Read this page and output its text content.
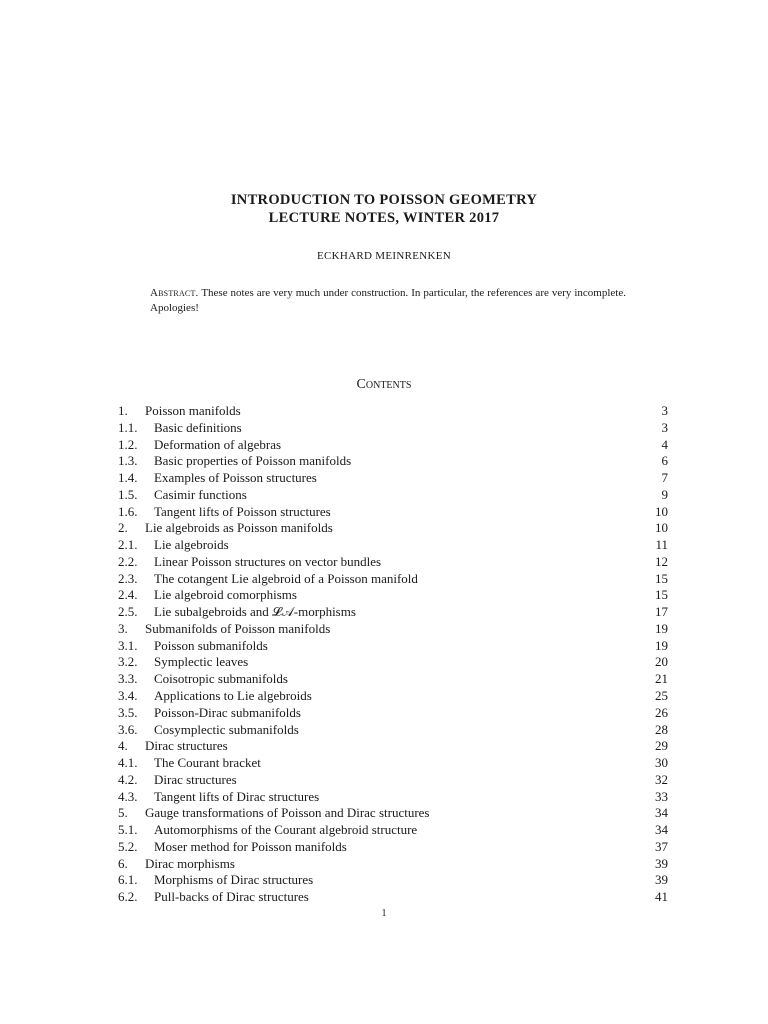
INTRODUCTION TO POISSON GEOMETRY
LECTURE NOTES, WINTER 2017
ECKHARD MEINRENKEN
Abstract. These notes are very much under construction. In particular, the references are very incomplete. Apologies!
Contents
1. Poisson manifolds	3
1.1. Basic definitions	3
1.2. Deformation of algebras	4
1.3. Basic properties of Poisson manifolds	6
1.4. Examples of Poisson structures	7
1.5. Casimir functions	9
1.6. Tangent lifts of Poisson structures	10
2. Lie algebroids as Poisson manifolds	10
2.1. Lie algebroids	11
2.2. Linear Poisson structures on vector bundles	12
2.3. The cotangent Lie algebroid of a Poisson manifold	15
2.4. Lie algebroid comorphisms	15
2.5. Lie subalgebroids and 𝓛𝒜-morphisms	17
3. Submanifolds of Poisson manifolds	19
3.1. Poisson submanifolds	19
3.2. Symplectic leaves	20
3.3. Coisotropic submanifolds	21
3.4. Applications to Lie algebroids	25
3.5. Poisson-Dirac submanifolds	26
3.6. Cosymplectic submanifolds	28
4. Dirac structures	29
4.1. The Courant bracket	30
4.2. Dirac structures	32
4.3. Tangent lifts of Dirac structures	33
5. Gauge transformations of Poisson and Dirac structures	34
5.1. Automorphisms of the Courant algebroid structure	34
5.2. Moser method for Poisson manifolds	37
6. Dirac morphisms	39
6.1. Morphisms of Dirac structures	39
6.2. Pull-backs of Dirac structures	41
1
